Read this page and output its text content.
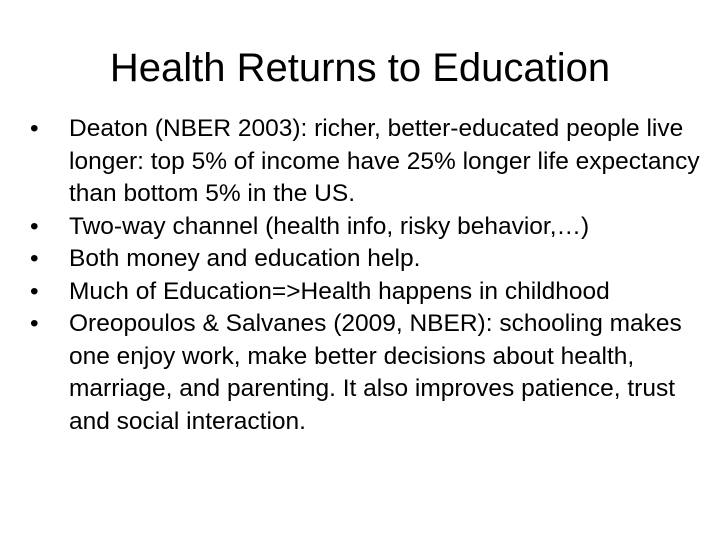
Health Returns to Education
•	Deaton (NBER 2003): richer, better-educated people live longer: top 5% of income have 25% longer life expectancy than bottom 5% in the US.
•	Two-way channel (health info, risky behavior,…)
•	Both money and education help.
•	Much of Education=>Health happens in childhood
•	Oreopoulos & Salvanes (2009, NBER): schooling makes one enjoy work, make better decisions about health, marriage, and parenting. It also improves patience, trust and social interaction.
